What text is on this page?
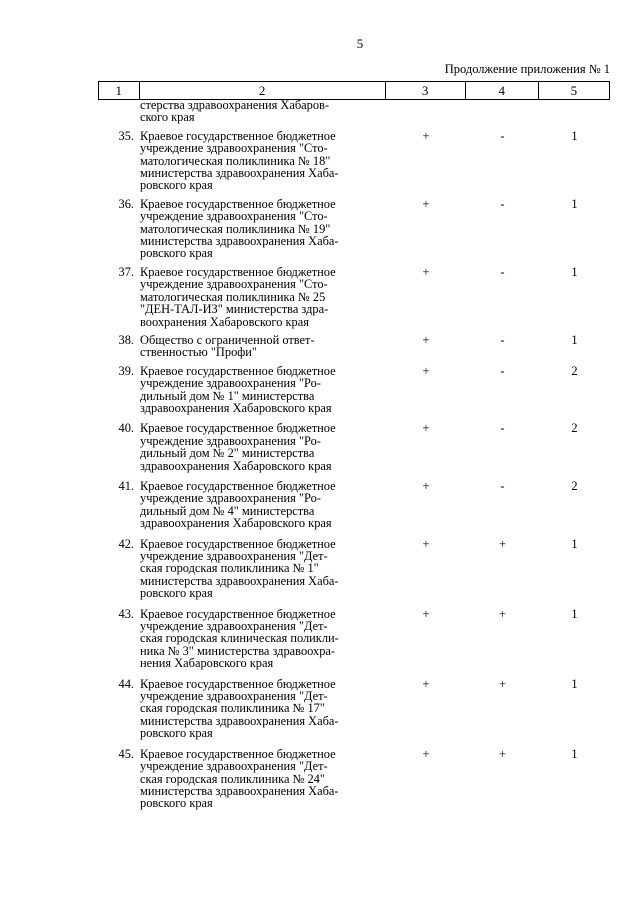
5
Продолжение приложения № 1
1	2	3	4	5
стерства здравоохранения Хабаров-
ского края
35. Краевое государственное бюджетное
учреждение здравоохранения "Сто-
матологическая поликлиника № 18"
министерства здравоохранения Хаба-
ровского края
+	-	1
36. Краевое государственное бюджетное
учреждение здравоохранения "Сто-
матологическая поликлиника № 19"
министерства здравоохранения Хаба-
ровского края
+	-	1
37. Краевое государственное бюджетное
учреждение здравоохранения "Сто-
матологическая поликлиника № 25
"ДЕН-ТАЛ-ИЗ" министерства здра-
воохранения Хабаровского края
+	-	1
38. Общество с ограниченной ответ-
ственностью "Профи"
+	-	1
39. Краевое государственное бюджетное
учреждение здравоохранения "Ро-
дильный дом № 1" министерства
здравоохранения Хабаровского края
+	-	2
40. Краевое государственное бюджетное
учреждение здравоохранения "Ро-
дильный дом № 2" министерства
здравоохранения Хабаровского края
+	-	2
41. Краевое государственное бюджетное
учреждение здравоохранения "Ро-
дильный дом № 4" министерства
здравоохранения Хабаровского края
+	-	2
42. Краевое государственное бюджетное
учреждение здравоохранения "Дет-
ская городская поликлиника № 1"
министерства здравоохранения Хаба-
ровского края
+	+	1
43. Краевое государственное бюджетное
учреждение здравоохранения "Дет-
ская городская клиническая поликли-
ника № 3" министерства здравоохра-
нения Хабаровского края
+	+	1
44. Краевое государственное бюджетное
учреждение здравоохранения "Дет-
ская городская поликлиника № 17"
министерства здравоохранения Хаба-
ровского края
+	+	1
45. Краевое государственное бюджетное
учреждение здравоохранения "Дет-
ская городская поликлиника № 24"
министерства здравоохранения Хаба-
ровского края
+	+	1
